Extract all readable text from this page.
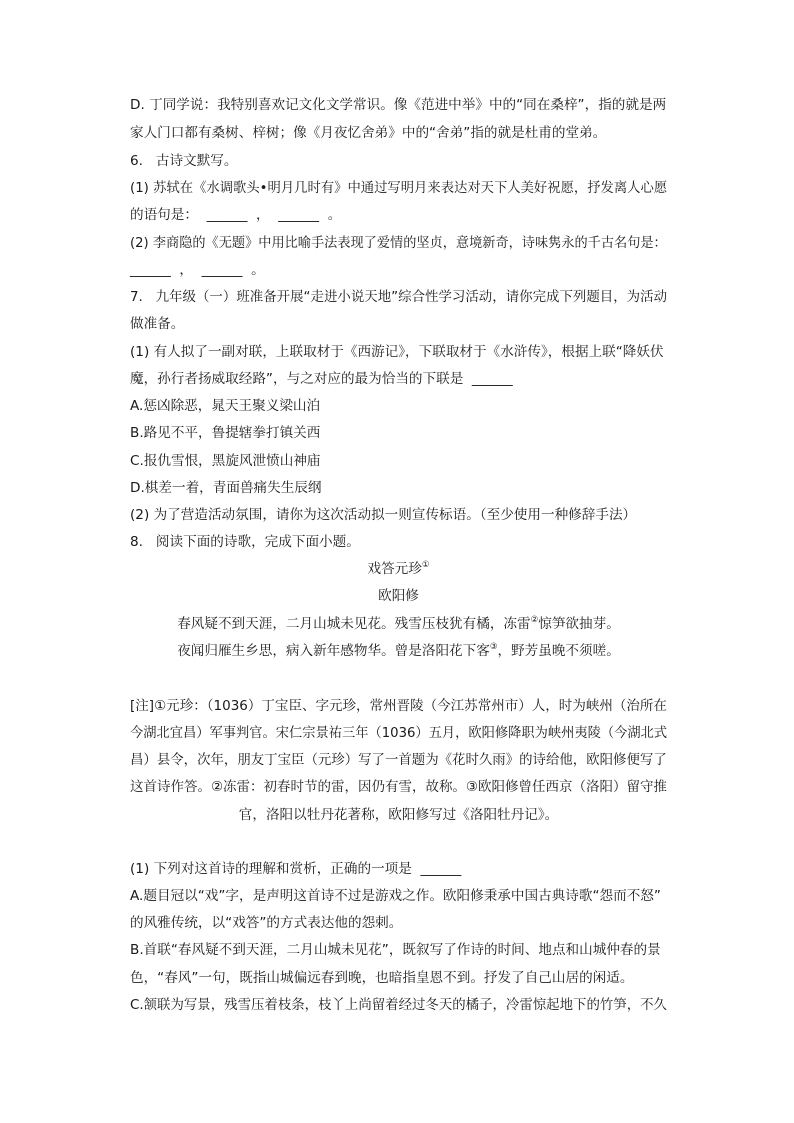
D. 丁同学说：我特别喜欢记文化文学常识。像《范进中举》中的“同在桑梓”，指的就是两
家人门口都有桑树、梓树；像《月夜忆舍弟》中的“舍弟”指的就是杜甫的堂弟。
6.   古诗文默写。
(1) 苏轼在《水调歌头•明月几时有》中通过写明月来表达对天下人美好祝愿，抒发离人心愿
的语句是：  ______  ，  ______  。
(2) 李商隐的《无题》中用比喻手法表现了爱情的坚贞，意境新奇，诗味隽永的千古名句是：
______  ，  ______  。
7.   九年级（一）班准备开展“走进小说天地”综合性学习活动，请你完成下列题目，为活动
做准备。
(1) 有人拟了一副对联，上联取材于《西游记》，下联取材于《水浒传》，根据上联“降妖伏
魔，孙行者扬威取经路”，与之对应的最为恰当的下联是  ______
A.惩凶除恶，晁天王聚义梁山泊
B.路见不平，鲁提辖拳打镇关西
C.报仇雪恨，黑旋风泄愤山神庙
D.棋差一着，青面兽痛失生辰纲
(2) 为了营造活动氛围，请你为这次活动拟一则宣传标语。（至少使用一种修辞手法）
8.   阅读下面的诗歌，完成下面小题。
戏答元珍①
欧阳修
春风疑不到天涯，二月山城未见花。残雪压枝犹有橘，冻雷②惊笋欲抽芽。
夜闻归雁生乡思，病入新年感物华。曾是洛阳花下客③，野芳虽晚不须嗟。
[注]①元珍：（1036）丁宝臣、字元珍，常州晋陵（今江苏常州市）人，时为峡州（治所在
今湖北宜昌）军事判官。宋仁宗景祐三年（1036）五月，欧阳修降职为峡州夷陵（今湖北式
昌）县令，次年，朋友丁宝臣（元珍）写了一首题为《花时久雨》的诗给他，欧阳修便写了
这首诗作答。②冻雷：初春时节的雷，因仍有雪，故称。③欧阳修曾任西京（洛阳）留守推
官，洛阳以牡丹花著称，欧阳修写过《洛阳牡丹记》。
(1) 下列对这首诗的理解和赏析，正确的一项是  ______
A.题目冠以“戏”字，是声明这首诗不过是游戏之作。欧阳修秉承中国古典诗歌“怨而不怒”
的风雅传统，以“戏答”的方式表达他的怨刺。
B.首联“春风疑不到天涯，二月山城未见花”，既叙写了作诗的时间、地点和山城仲春的景
色，“春风”一句，既指山城偏远春到晚，也暗指皇恩不到。抒发了自己山居的闲适。
C.颔联为写景，残雪压着枝条，枝丫上尚留着经过冬天的橘子，冷雷惊起地下的竹笋，不久
